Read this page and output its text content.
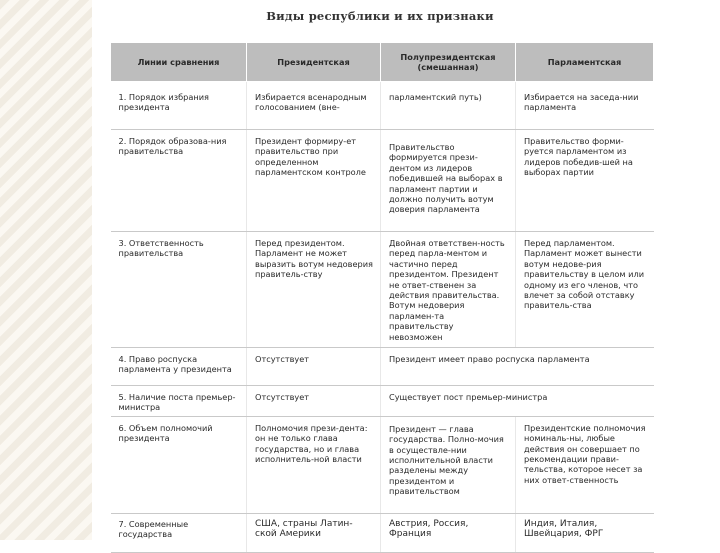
Виды республики и их признаки
Линии сравнения	Президентская	Полупрезидентская (смешанная)	Парламентская
1. Порядок избрания президента	Избирается всенародным голосованием (вне-	парламентский путь)	Избирается на заседа-нии парламента
2. Порядок образова-ния правительства	Президент формиру-ет правительство при определенном парламентском контроле	Правительство формируется прези-дентом из лидеров победившей на выборах в парламент партии и должно получить вотум доверия парламента	Правительство форми-руется парламентом из лидеров победив-шей на выборах партии
3. Ответственность правительства	Перед президентом. Парламент не может выразить вотум недоверия правитель-ству	Двойная ответствен-ность перед парла-ментом и частично перед президентом. Президент не ответ-ственен за действия правительства. Вотум недоверия парламен-та правительству невозможен	Перед парламентом. Парламент может вынести вотум недове-рия правительству в целом или одному из его членов, что влечет за собой отставку правитель-ства
4. Право роспуска парламента у президента	Отсутствует	Президент имеет право роспуска парламента	
5. Наличие поста премьер-министра	Отсутствует	Существует пост премьер-министра	
6. Объем полномочий президента	Полномочия прези-дента: он не только глава государства, но и глава исполнитель-ной власти	Президент — глава государства. Полно-мочия в осуществле-нии исполнительной власти разделены между президентом и правительством	Президентские полномочия номиналь-ны, любые действия он совершает по рекомендации прави-тельства, которое несет за них ответ-ственность
7. Современные государства	США, страны Латин-ской Америки	Австрия, Россия, Франция	Индия, Италия, Швейцария, ФРГ
